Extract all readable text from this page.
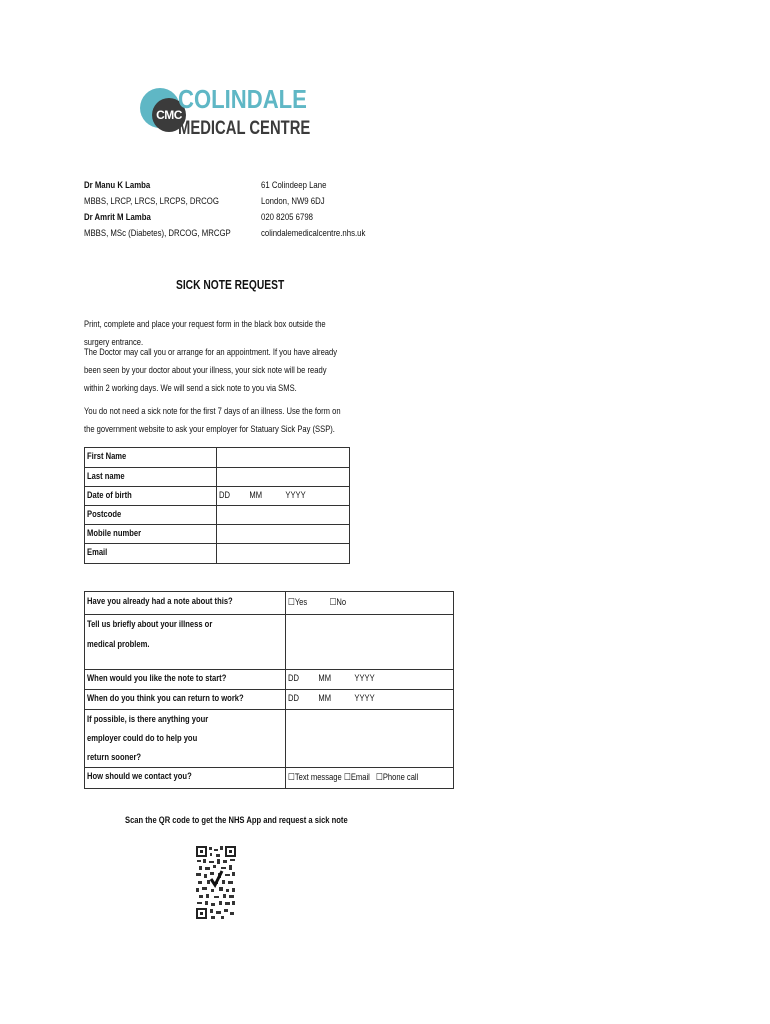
CMC
COLINDALE
MEDICAL CENTRE
Dr Manu K Lamba
MBBS, LRCP, LRCS, LRCPS, DRCOG
Dr Amrit M Lamba
MBBS, MSc (Diabetes), DRCOG, MRCGP
61 Colindeep Lane
London, NW9 6DJ
020 8205 6798
colindalemedicalcentre.nhs.uk
SICK NOTE REQUEST
Print, complete and place your request form in the black box outside the surgery entrance.
The Doctor may call you or arrange for an appointment. If you have already been seen by your doctor about your illness, your sick note will be ready within 2 working days. We will send a sick note to you via SMS.
You do not need a sick note for the first 7 days of an illness. Use the form on the government website to ask your employer for Statuary Sick Pay (SSP).
First Name	

Last name	

Date of birth	DD MM YYYY

Postcode	

Mobile number	

Email	

Have you already had a note about this?	☐Yes ☐No

Tell us briefly about your illness or medical problem.	

When would you like the note to start?	DD MM YYYY

When do you think you can return to work?	DD MM YYYY

If possible, is there anything your employer could do to help you return sooner?	

How should we contact you?	☐Text message ☐Email ☐Phone call
Scan the QR code to get the NHS App and request a sick note
